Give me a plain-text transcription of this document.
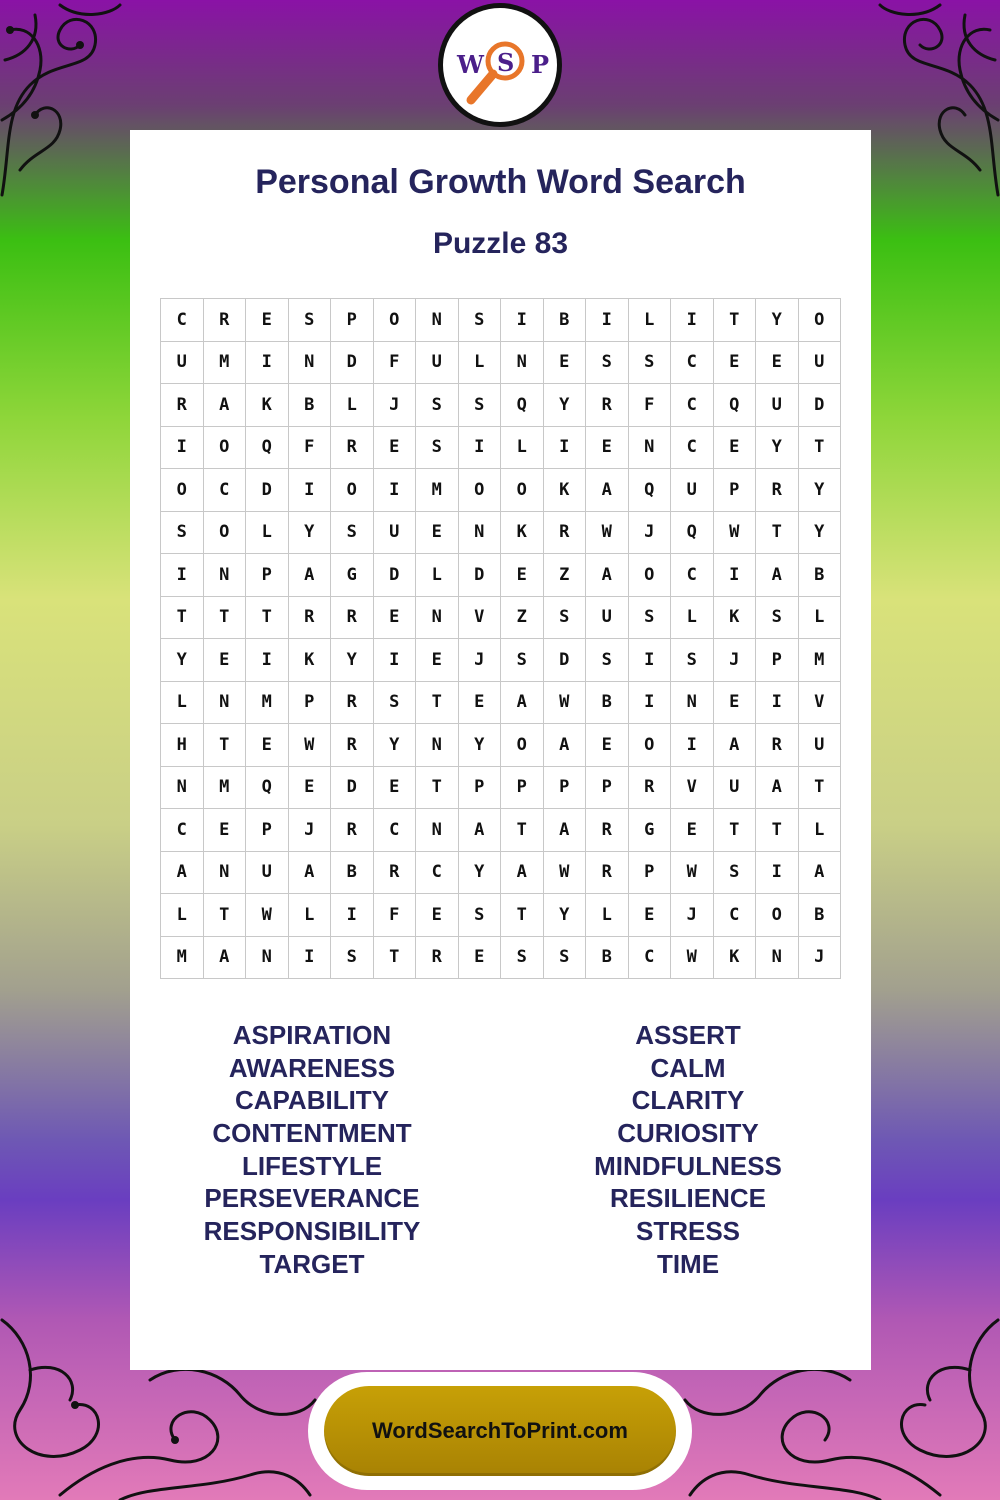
W S P
Personal Growth Word Search
Puzzle 83
C	R	E	S	P	O	N	S	I	B	I	L	I	T	Y	O
U	M	I	N	D	F	U	L	N	E	S	S	C	E	E	U
R	A	K	B	L	J	S	S	Q	Y	R	F	C	Q	U	D
I	O	Q	F	R	E	S	I	L	I	E	N	C	E	Y	T
O	C	D	I	O	I	M	O	O	K	A	Q	U	P	R	Y
S	O	L	Y	S	U	E	N	K	R	W	J	Q	W	T	Y
I	N	P	A	G	D	L	D	E	Z	A	O	C	I	A	B
T	T	T	R	R	E	N	V	Z	S	U	S	L	K	S	L
Y	E	I	K	Y	I	E	J	S	D	S	I	S	J	P	M
L	N	M	P	R	S	T	E	A	W	B	I	N	E	I	V
H	T	E	W	R	Y	N	Y	O	A	E	O	I	A	R	U
N	M	Q	E	D	E	T	P	P	P	P	R	V	U	A	T
C	E	P	J	R	C	N	A	T	A	R	G	E	T	T	L
A	N	U	A	B	R	C	Y	A	W	R	P	W	S	I	A
L	T	W	L	I	F	E	S	T	Y	L	E	J	C	O	B
M	A	N	I	S	T	R	E	S	S	B	C	W	K	N	J
ASPIRATION
AWARENESS
CAPABILITY
CONTENTMENT
LIFESTYLE
PERSEVERANCE
RESPONSIBILITY
TARGET
ASSERT
CALM
CLARITY
CURIOSITY
MINDFULNESS
RESILIENCE
STRESS
TIME
WordSearchToPrint.com
